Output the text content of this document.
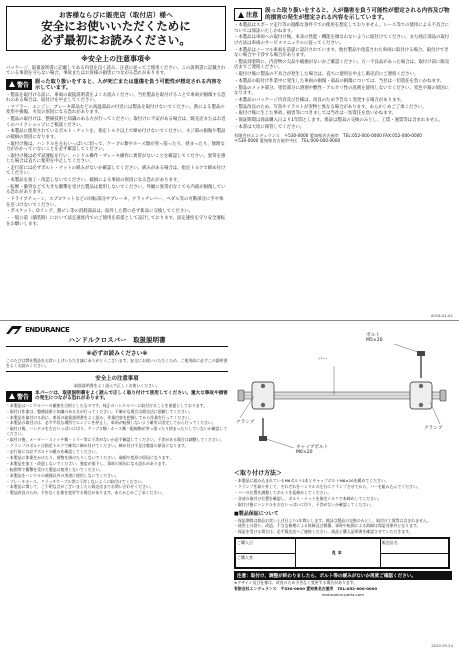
お客様ならびに販売店（取付店）様へ
安全にお使いいただくために
必ず最初にお読みください。
※安全上の注意事項※

パッケージ、取扱説明書に記載してある内容を良く読み、注意に従ってご使用ください。この説明書に記載されている事項を守らない場合、事故またはお客様の損害につながる恐れがあります。

警告 誤った取り扱いをすると、人が死亡または重傷を負う可能性が想定される内容を示しています。

・製品を取付ける前に、車両の取扱説明書をよくお読みください。当社製品を取付けることで車両が損傷する恐れのある場合は、取付けを中止してください。

・マフラー、エンジン、ブレーキ部品などの高温部品の付近には製品を取付けないでください。熱による製品の変形や損傷、火災の原因になる恐れがあります。

・製品の取付けは、整備技術と知識のある方が行ってください。取付けに不安がある場合は、販売店またはお近くのバイクショップにご相談ください。

・本製品に使用されているボルト・ナットを、指定トルク以上で締め付けないでください。ネジ部の損傷や製品の破損の原因になります。

・取付け後は、ハンドルを左右いっぱいに切って、ケーブル類やホース類が突っ張ったり、挟まったり、無理な力がかかっていないことを必ず確認してください。

・取付け後は必ず試運転を行い、ハンドル操作・ブレーキ操作に異常がないことを確認してください。異常を感じた場合は直ちに使用を中止してください。

・走行前には必ずボルト・ナットの緩みがないか確認してください。緩みがある場合は、指定トルクで締め付けてください。

・本製品を加工・改造しないでください。破損による事故の原因になる恐れがあります。

・転倒・衝突などで大きな衝撃を受けた製品は使用しないでください。外観に異常がなくても内部が損傷している恐れがあります。

・ドライブチェーン、スプロケットなどの回転部分やブレーキ、クラッチレバー、ペダル等の可動部分に手や体を近づけないでください。

・ガスケット、Oリング、割ピン等の消耗部品は、取外した際に必ず新品に交換してください。

・一般公道（舗装路）において法定速度内でのご使用を前提として設計しております。法定速度を守り安全運転をお願いします。

注意
誤った取り扱いをすると、人が傷害を負う可能性が想定される内容及び物的損害の発生が想定される内容を示しています。

・本製品はスポーツ走行等の過酷な条件下での使用を想定しておりません。レース等での使用による不具合については保証いたしかねます。

・本製品は車両への取付け後、本来の性能・機能を損なわないように取付けてください。また純正部品の取付け方法は車両のサービスマニュアルに従ってください。

・本製品はノーマル車両を前提に設計されています。他社製品や改造された車両に取付ける場合、取付けできない場合や干渉する場合があります。

・製品到着時に、内容物の欠品や破損がないかご確認ください。万一不良品があった場合は、取付け前に販売店までご連絡ください。

・取付け後に製品の不具合が発生した場合は、直ちに使用を中止し販売店にご連絡ください。

・本製品の取付け作業中に発生した車両の損傷・部品の損傷については、当社は一切責任を負いかねます。

・製品のメッキ部分、塗装部分に溶剤や酸性・アルカリ性の洗剤を使用しないでください。変色や錆の原因になります。

・本製品のパッケージ内容及び仕様は、改良のため予告なく変更する場合があります。

・製品改良のため、写真やイラストが実物と異なる場合があります。あらかじめご了承ください。

・取付け後に生じた事故、損害等につきましては当社は一切責任を負いかねます。

・保証期間は商品購入日より1年間とします。保証は製品の交換のみとし、工賃・運賃等は含まれません。

・本書は大切に保管してください。

有限会社エンデュランス　〒530-0000 愛知県名古屋市　TEL:052-000-0000 FAX:052-000-0000
〒530-0000 愛知県名古屋市中区　TEL:000-000-0000
0018-01-A1
ENDURANCE
ハンドルクロスバー　取扱説明書
※必ずお読みください※

このたびは弊社製品をお買い上げいただき誠にありがとうございます。安全にお使いいただくため、ご使用前に必ずこの説明書をよくお読みください。

安全上の注意事項

取扱説明書をよく読んで正しくお使いください。

警告
本パーツは、取扱説明書をよく読んで正しく取り付けて使用してください。重大な事故や損害の発生につながる恐れがあります。

・本製品はハンドルバーの補強を目的としたものです。純正のハンドルバーに取付けることを前提としております。

・取付け作業は、整備技術と知識のある方が行ってください。不確かな場合は販売店に依頼してください。

・本製品を取付ける前に、車両の取扱説明書をよく読み、作業内容を把握してから作業を行ってください。

・本製品の取付けは、必ず平坦な場所でエンジンを停止し、車両が転倒しないよう確実に固定してから行ってください。

・取付け後、ハンドルを左右いっぱいに切り、ケーブル類・ホース類・配線類が突っ張ったり挟まったりしていないか確認してください。

・取付け後、メーター・スイッチ類・ミラー等に干渉がないか必ず確認してください。干渉がある場合は調整してください。

・クランプのボルトは指定トルクで確実に締め付けてください。締め付け不足は脱落の原因になります。

・走行前には必ずボルトの緩みを確認してください。

・本製品に体重をかけたり、荷物を掛けたりしないでください。破損や変形の原因になります。

・本製品を加工・改造しないでください。強度が低下し、事故の原因になる恐れがあります。

・転倒等で衝撃を受けた製品は使用しないでください。

・本製品をハンドルの補強以外の用途に使用しないでください。

・ブレーキホース、クラッチケーブル等に干渉しないように取付けてください。

・本製品に関して、ご不明な点がございましたら販売店までお問い合わせください。

・製品改良のため、予告なく仕様を変更する場合があります。あらかじめご了承ください。

ボルト
M5×20
バー
クランプ
クランプ
キャップボルト
M6×20
＜取り付け方法＞

・本製品に組み込まれているM6ボルト2本とキャップボルトM6×20を緩めてください。

・クランプを取り外して、それぞれをハンドルの左右にクランプさせてから、バーを組み込んでください。

・バーの位置を調整してボルトを仮締めしてください。

・各部の取付け位置を確認し、ボルト・ナットを指定トルクで本締めしてください。

・取付け後にハンドルを左右いっぱいに切り、干渉がないか確認してください。

■製品保証について

・保証期間は商品お買い上げ日より1年間とします。保証は製品の交換のみとし、取付け工賃等は含まれません。

・使用上の誤り、改造、不当な修理による故障及び損傷、事故や転倒による故障は保証対象外となります。

・保証を受ける場合は、必ず販売店へご連絡ください。商品と購入証明書を確認させていただきます。

ご購入日	見本	販売店名
ご購入者		
注意：取付け、調整が終わりましたら、ボルト等の緩みがないか再度ご確認ください。

※デザイン及び仕様は、改良のため予告なく変更する場合があります。

有限会社エンデュランス　〒530-0000 愛知県名古屋市　TEL:052-000-0000

endurance-parts.com

2020.03.24
